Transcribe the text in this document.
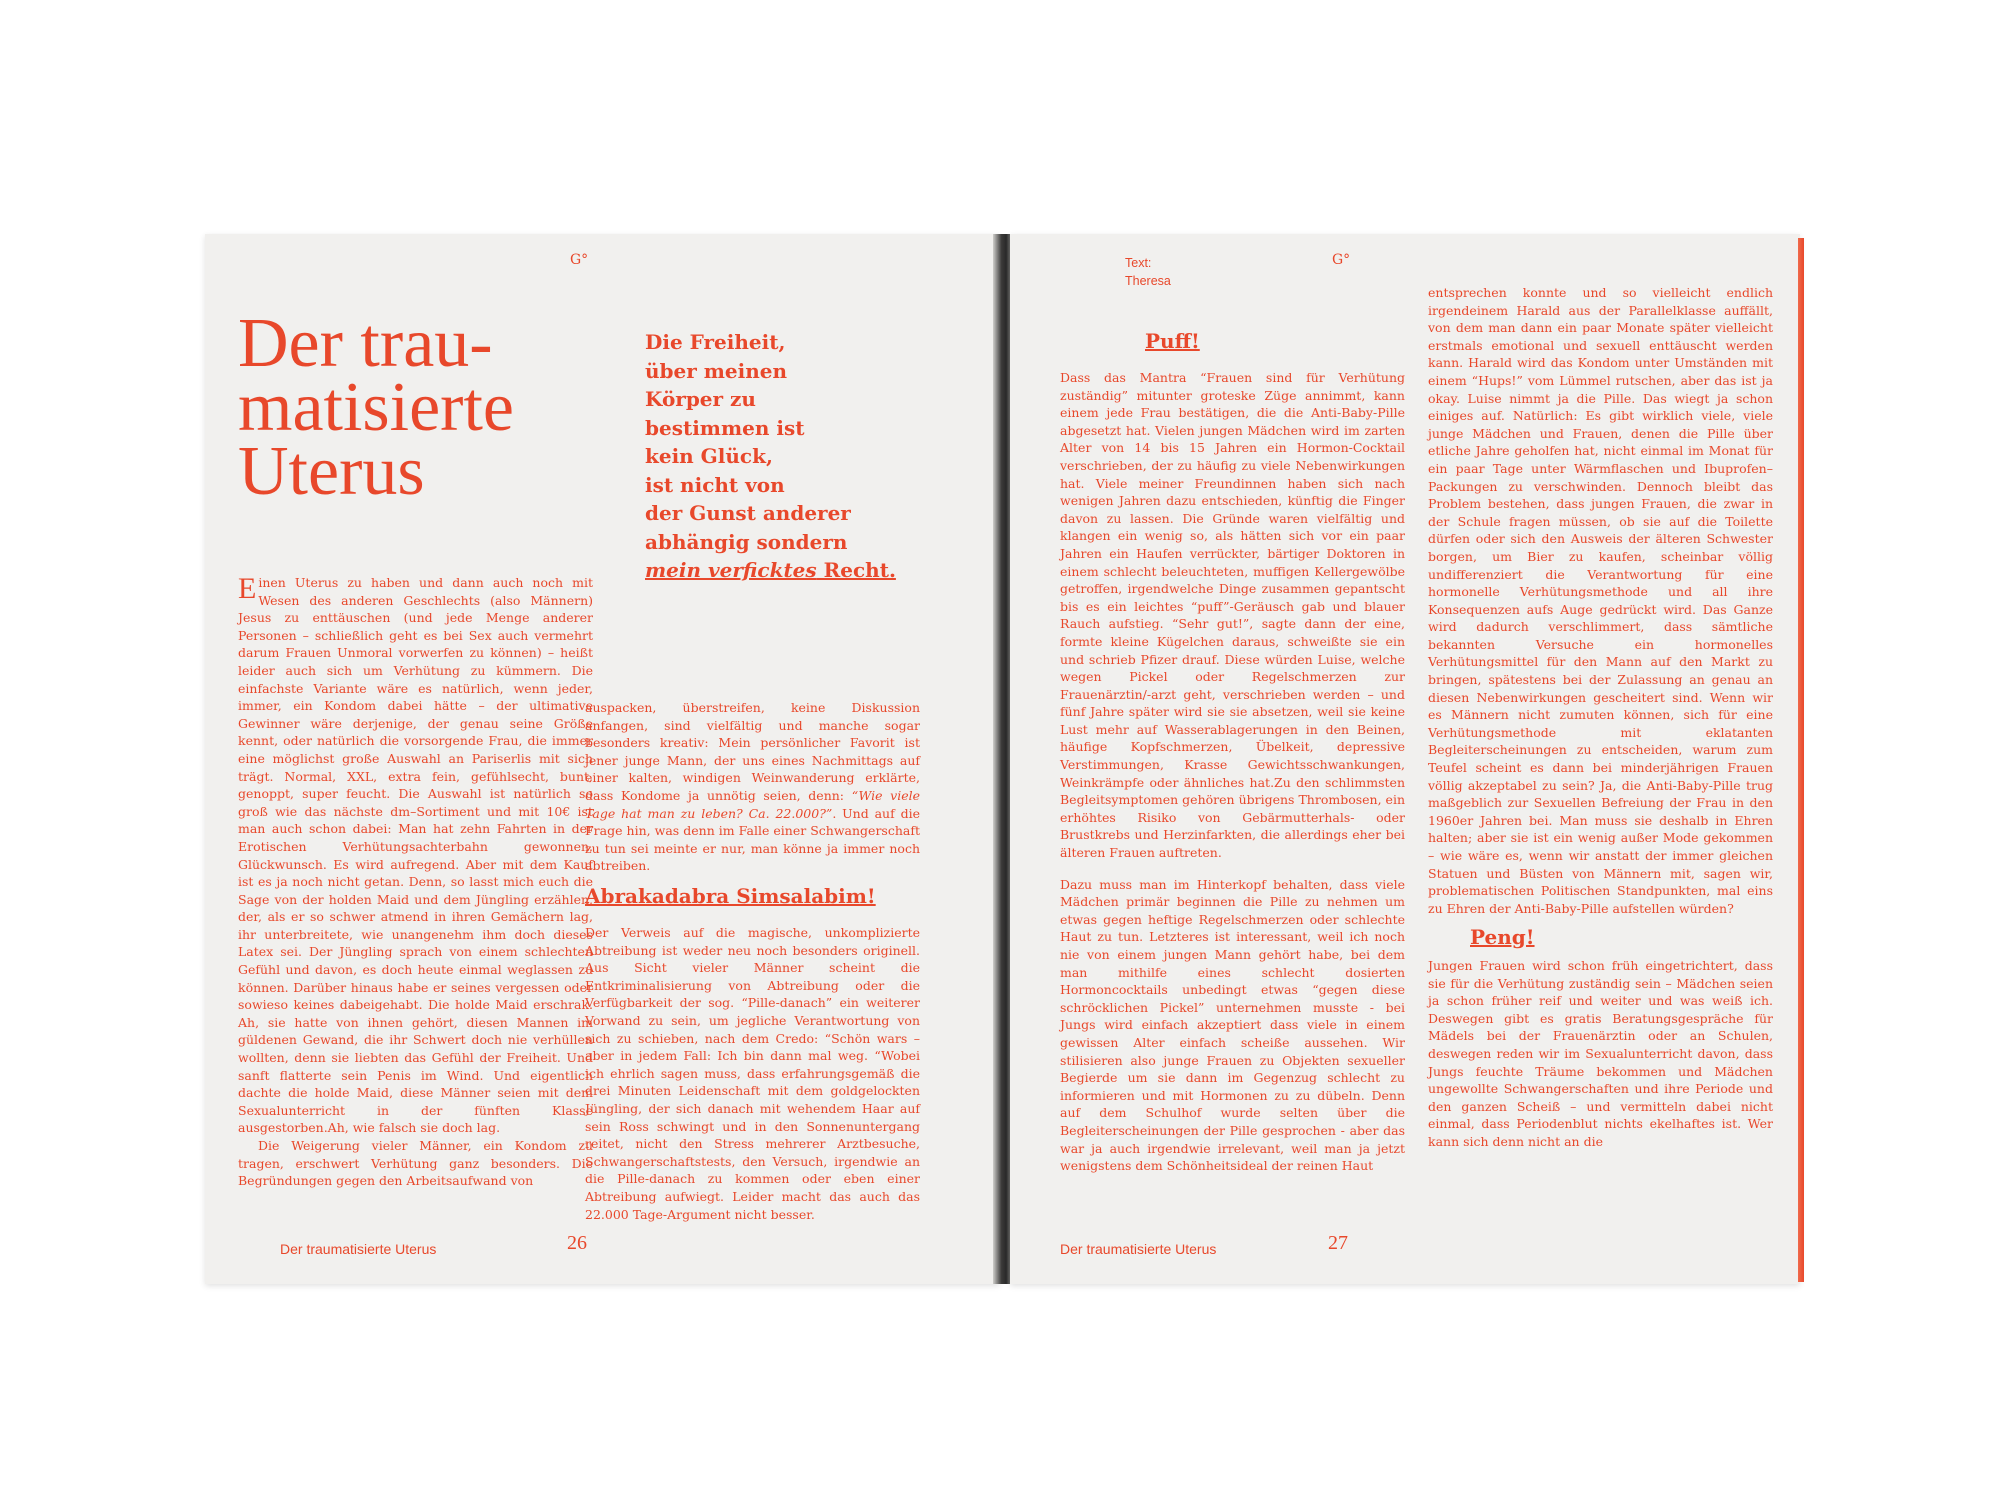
G°
Der trau-
matisierte
Uterus
Die Freiheit,
über meinen
Körper zu
bestimmen ist
kein Glück,
ist nicht von
der Gunst anderer
abhängig sondern
mein verficktes Recht.
Einen Uterus zu haben und dann auch noch mit Wesen des anderen Geschlechts (also Männern) Jesus zu enttäuschen (und jede Menge anderer Personen – schließlich geht es bei Sex auch vermehrt darum Frauen Unmoral vorwerfen zu können) – heißt leider auch sich um Verhütung zu kümmern. Die einfachste Variante wäre es natürlich, wenn jeder, immer, ein Kondom dabei hätte – der ultimative Gewinner wäre derjenige, der genau seine Größe kennt, oder natürlich die vorsorgende Frau, die immer eine möglichst große Auswahl an Pariserlis mit sich trägt. Normal, XXL, extra fein, gefühlsecht, bunt, genoppt, super feucht. Die Auswahl ist natürlich so groß wie das nächste dm–Sortiment und mit 10€ ist man auch schon dabei: Man hat zehn Fahrten in der Erotischen Verhütungsachterbahn gewonnen. Glückwunsch. Es wird aufregend. Aber mit dem Kauf ist es ja noch nicht getan. Denn, so lasst mich euch die Sage von der holden Maid und dem Jüngling erzählen, der, als er so schwer atmend in ihren Gemächern lag, ihr unterbreitete, wie unangenehm ihm doch dieses Latex sei. Der Jüngling sprach von einem schlechten Gefühl und davon, es doch heute einmal weglassen zu können. Darüber hinaus habe er seines vergessen oder sowieso keines dabeigehabt. Die holde Maid erschrak. Ah, sie hatte von ihnen gehört, diesen Mannen im güldenen Gewand, die ihr Schwert doch nie verhüllen wollten, denn sie liebten das Gefühl der Freiheit. Und sanft flatterte sein Penis im Wind. Und eigentlich dachte die holde Maid, diese Männer seien mit dem Sexualunterricht in der fünften Klasse ausgestorben.Ah, wie falsch sie doch lag.
Die Weigerung vieler Männer, ein Kondom zu tragen, erschwert Verhütung ganz besonders. Die Begründungen gegen den Arbeitsaufwand von
auspacken, überstreifen, keine Diskussion anfangen, sind vielfältig und manche sogar besonders kreativ: Mein persönlicher Favorit ist jener junge Mann, der uns eines Nachmittags auf einer kalten, windigen Weinwanderung erklärte, dass Kondome ja unnötig seien, denn: “Wie viele Tage hat man zu leben? Ca. 22.000?”. Und auf die Frage hin, was denn im Falle einer Schwangerschaft zu tun sei meinte er nur, man könne ja immer noch abtreiben.
Abrakadabra Simsalabim!
Der Verweis auf die magische, unkomplizierte Abtreibung ist weder neu noch besonders originell. Aus Sicht vieler Männer scheint die Entkriminalisierung von Abtreibung oder die Verfügbarkeit der sog. “Pille-danach” ein weiterer Vorwand zu sein, um jegliche Verantwortung von sich zu schieben, nach dem Credo: “Schön wars – aber in jedem Fall: Ich bin dann mal weg. “Wobei ich ehrlich sagen muss, dass erfahrungsgemäß die drei Minuten Leidenschaft mit dem goldgelockten Jüngling, der sich danach mit wehendem Haar auf sein Ross schwingt und in den Sonnenuntergang reitet, nicht den Stress mehrerer Arztbesuche, Schwangerschaftstests, den Versuch, irgendwie an die Pille-danach zu kommen oder eben einer Abtreibung aufwiegt. Leider macht das auch das 22.000 Tage-Argument nicht besser.
Der traumatisierte Uterus	26
G°
Text:
Theresa
Puff!
Dass das Mantra “Frauen sind für Verhütung zuständig” mitunter groteske Züge annimmt, kann einem jede Frau bestätigen, die die Anti-Baby-Pille abgesetzt hat. Vielen jungen Mädchen wird im zarten Alter von 14 bis 15 Jahren ein Hormon-Cocktail verschrieben, der zu häufig zu viele Nebenwirkungen hat. Viele meiner Freundinnen haben sich nach wenigen Jahren dazu entschieden, künftig die Finger davon zu lassen. Die Gründe waren vielfältig und klangen ein wenig so, als hätten sich vor ein paar Jahren ein Haufen verrückter, bärtiger Doktoren in einem schlecht beleuchteten, muffigen Kellergewölbe getroffen, irgendwelche Dinge zusammen gepantscht bis es ein leichtes “puff”-Geräusch gab und blauer Rauch aufstieg. “Sehr gut!”, sagte dann der eine, formte kleine Kügelchen daraus, schweißte sie ein und schrieb Pfizer drauf. Diese würden Luise, welche wegen Pickel oder Regelschmerzen zur Frauenärztin/-arzt geht, verschrieben werden – und fünf Jahre später wird sie sie absetzen, weil sie keine Lust mehr auf Wasserablagerungen in den Beinen, häufige Kopfschmerzen, Übelkeit, depressive Verstimmungen, Krasse Gewichtsschwankungen, Weinkrämpfe oder ähnliches hat.Zu den schlimmsten Begleitsymptomen gehören übrigens Thrombosen, ein erhöhtes Risiko von Gebärmutterhals- oder Brustkrebs und Herzinfarkten, die allerdings eher bei älteren Frauen auftreten.
Dazu muss man im Hinterkopf behalten, dass viele Mädchen primär beginnen die Pille zu nehmen um etwas gegen heftige Regelschmerzen oder schlechte Haut zu tun. Letzteres ist interessant, weil ich noch nie von einem jungen Mann gehört habe, bei dem man mithilfe eines schlecht dosierten Hormoncocktails unbedingt etwas “gegen diese schröcklichen Pickel” unternehmen musste - bei Jungs wird einfach akzeptiert dass viele in einem gewissen Alter einfach scheiße aussehen. Wir stilisieren also junge Frauen zu Objekten sexueller Begierde um sie dann im Gegenzug schlecht zu informieren und mit Hormonen zu zu dübeln. Denn auf dem Schulhof wurde selten über die Begleiterscheinungen der Pille gesprochen - aber das war ja auch irgendwie irrelevant, weil man ja jetzt wenigstens dem Schönheitsideal der reinen Haut
entsprechen konnte und so vielleicht endlich irgendeinem Harald aus der Parallelklasse auffällt, von dem man dann ein paar Monate später vielleicht erstmals emotional und sexuell enttäuscht werden kann. Harald wird das Kondom unter Umständen mit einem “Hups!” vom Lümmel rutschen, aber das ist ja okay. Luise nimmt ja die Pille. Das wiegt ja schon einiges auf. Natürlich: Es gibt wirklich viele, viele junge Mädchen und Frauen, denen die Pille über etliche Jahre geholfen hat, nicht einmal im Monat für ein paar Tage unter Wärmflaschen und Ibuprofen–Packungen zu verschwinden. Dennoch bleibt das Problem bestehen, dass jungen Frauen, die zwar in der Schule fragen müssen, ob sie auf die Toilette dürfen oder sich den Ausweis der älteren Schwester borgen, um Bier zu kaufen, scheinbar völlig undifferenziert die Verantwortung für eine hormonelle Verhütungsmethode und all ihre Konsequenzen aufs Auge gedrückt wird. Das Ganze wird dadurch verschlimmert, dass sämtliche bekannten Versuche ein hormonelles Verhütungsmittel für den Mann auf den Markt zu bringen, spätestens bei der Zulassung an genau an diesen Nebenwirkungen gescheitert sind. Wenn wir es Männern nicht zumuten können, sich für eine Verhütungsmethode mit eklatanten Begleiterscheinungen zu entscheiden, warum zum Teufel scheint es dann bei minderjährigen Frauen völlig akzeptabel zu sein? Ja, die Anti-Baby-Pille trug maßgeblich zur Sexuellen Befreiung der Frau in den 1960er Jahren bei. Man muss sie deshalb in Ehren halten; aber sie ist ein wenig außer Mode gekommen – wie wäre es, wenn wir anstatt der immer gleichen Statuen und Büsten von Männern mit, sagen wir, problematischen Politischen Standpunkten, mal eins zu Ehren der Anti-Baby-Pille aufstellen würden?
Peng!
Jungen Frauen wird schon früh eingetrichtert, dass sie für die Verhütung zuständig sein – Mädchen seien ja schon früher reif und weiter und was weiß ich. Deswegen gibt es gratis Beratungsgespräche für Mädels bei der Frauenärztin oder an Schulen, deswegen reden wir im Sexualunterricht davon, dass Jungs feuchte Träume bekommen und Mädchen ungewollte Schwangerschaften und ihre Periode und den ganzen Scheiß – und vermitteln dabei nicht einmal, dass Periodenblut nichts ekelhaftes ist. Wer kann sich denn nicht an die
Der traumatisierte Uterus	27
